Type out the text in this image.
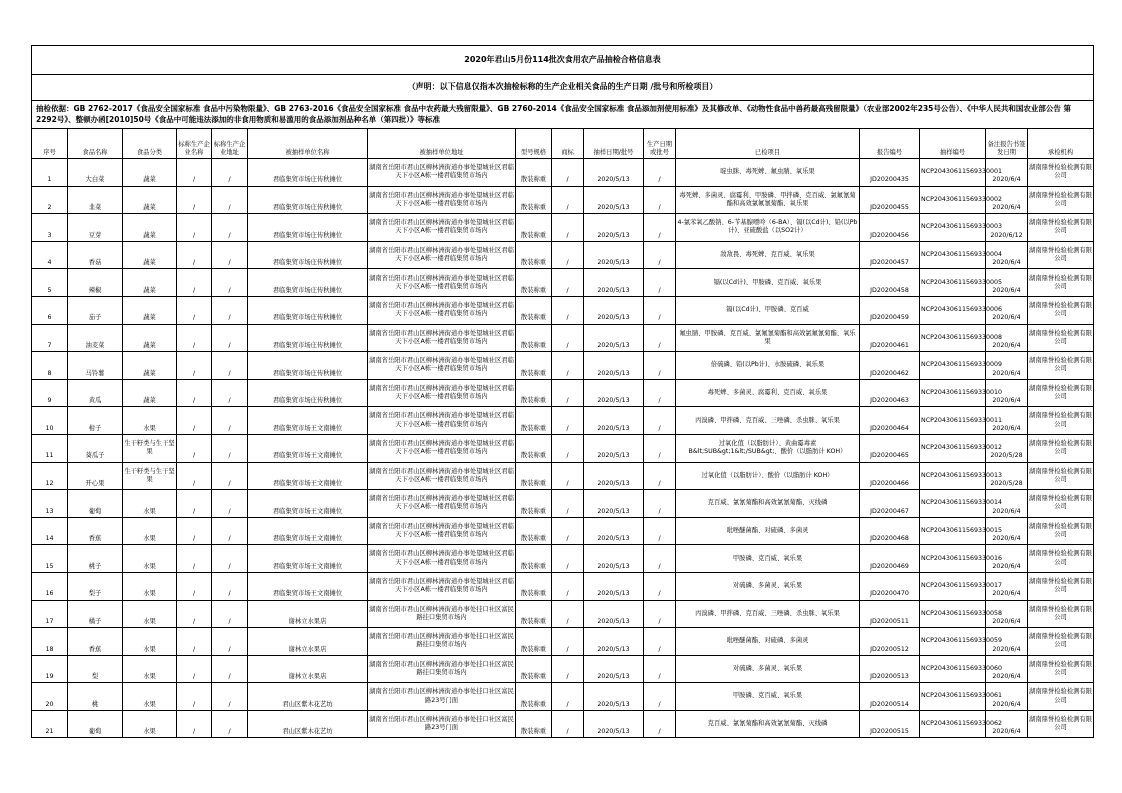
2020年君山5月份114批次食用农产品抽检合格信息表															
（声明：以下信息仅指本次抽检标称的生产企业相关食品的生产日期 /批号和所检项目）															
抽检依据：GB 2762-2017《食品安全国家标准 食品中污染物限量》、GB 2763-2016《食品安全国家标准 食品中农药最大残留限量》、GB 2760-2014《食品安全国家标准 食品添加剂使用标准》及其修改单、《动物性食品中兽药最高残留限量》（农业部2002年235号公告）、《中华人民共和国农业部公告 第2292号》、整顿办函[2010]50号《食品中可能违法添加的非食用物质和易滥用的食品添加剂品种名单（第四批）》等标准															
序号	食品名称	食品分类	标称生产企业名称	标称生产企业地址	被抽样单位名称	被抽样单位地址	型号规格	商标	抽样日期/批号	生产日期或批号	已检项目	报告编号	抽样编号	备注报告书签发日期	承检机构
1	大白菜	蔬菜	/	/	君临集贸市场庄传秋摊位	湖南省岳阳市君山区柳林洲街道办事处望城社区君临天下小区A栋一楼君临集贸市场内	散装称重	/	2020/5/13	/	啶虫脒、毒死蜱、氟虫腈、氧乐果	JD20200435	NCP20430611569330001	2020/6/4	湖南鼎誉检验检测有限公司
2	韭菜	蔬菜	/	/	君临集贸市场庄传秋摊位	湖南省岳阳市君山区柳林洲街道办事处望城社区君临天下小区A栋一楼君临集贸市场内	散装称重	/	2020/5/13	/	毒死蜱、多菌灵、腐霉利、甲胺磷、甲拌磷、克百威、氯氟氰菊酯和高效氯氟氰菊酯、氧乐果	JD20200455	NCP20430611569330002	2020/6/4	湖南鼎誉检验检测有限公司
3	豆芽	蔬菜	/	/	君临集贸市场庄传秋摊位	湖南省岳阳市君山区柳林洲街道办事处望城社区君临天下小区A栋一楼君临集贸市场内	散装称重	/	2020/5/13	/	4-氯苯氧乙酸钠、6-苄基腺嘌呤（6-BA）、镉(以Cd计)、铅(以Pb计)、亚硫酸盐（以SO2计）	JD20200456	NCP20430611569330003	2020/6/12	湖南鼎誉检验检测有限公司
4	香菇	蔬菜	/	/	君临集贸市场庄传秋摊位	湖南省岳阳市君山区柳林洲街道办事处望城社区君临天下小区A栋一楼君临集贸市场内	散装称重	/	2020/5/13	/	敌敌畏、毒死蜱、克百威、氧乐果	JD20200457	NCP20430611569330004	2020/6/4	湖南鼎誉检验检测有限公司
5	辣椒	蔬菜	/	/	君临集贸市场庄传秋摊位	湖南省岳阳市君山区柳林洲街道办事处望城社区君临天下小区A栋一楼君临集贸市场内	散装称重	/	2020/5/13	/	镉(以Cd计)、甲胺磷、克百威、氧乐果	JD20200458	NCP20430611569330005	2020/6/4	湖南鼎誉检验检测有限公司
6	茄子	蔬菜	/	/	君临集贸市场庄传秋摊位	湖南省岳阳市君山区柳林洲街道办事处望城社区君临天下小区A栋一楼君临集贸市场内	散装称重	/	2020/5/13	/	镉(以Cd计)、甲胺磷、克百威	JD20200459	NCP20430611569330006	2020/6/4	湖南鼎誉检验检测有限公司
7	油麦菜	蔬菜	/	/	君临集贸市场庄传秋摊位	湖南省岳阳市君山区柳林洲街道办事处望城社区君临天下小区A栋一楼君临集贸市场内	散装称重	/	2020/5/13	/	氟虫腈、甲胺磷、克百威、氯氟氰菊酯和高效氯氟氰菊酯、氧乐果	JD20200461	NCP20430611569330008	2020/6/4	湖南鼎誉检验检测有限公司
8	马铃薯	蔬菜	/	/	君临集贸市场庄传秋摊位	湖南省岳阳市君山区柳林洲街道办事处望城社区君临天下小区A栋一楼君临集贸市场内	散装称重	/	2020/5/13	/	倍硫磷、铅(以Pb计)、水胺硫磷、氧乐果	JD20200462	NCP20430611569330009	2020/6/4	湖南鼎誉检验检测有限公司
9	黄瓜	蔬菜	/	/	君临集贸市场庄传秋摊位	湖南省岳阳市君山区柳林洲街道办事处望城社区君临天下小区A栋一楼君临集贸市场内	散装称重	/	2020/5/13	/	毒死蜱、多菌灵、腐霉利、克百威、氧乐果	JD20200463	NCP20430611569330010	2020/6/4	湖南鼎誉检验检测有限公司
10	柑子	水果	/	/	君临集贸市场王文南摊位	湖南省岳阳市君山区柳林洲街道办事处望城社区君临天下小区A栋一楼君临集贸市场内	散装称重	/	2020/5/13	/	丙溴磷、甲拌磷、克百威、三唑磷、杀虫脒、氧乐果	JD20200464	NCP20430611569330011	2020/6/4	湖南鼎誉检验检测有限公司
11	葵瓜子	生干籽类与生干坚果	/	/	君临集贸市场王文南摊位	湖南省岳阳市君山区柳林洲街道办事处望城社区君临天下小区A栋一楼君临集贸市场内	散装称重	/	2020/5/13	/	过氧化值（以脂肪计）、黄曲霉毒素B&lt;SUB&gt;1&lt;/SUB&gt;、酸价（以脂肪计 KOH）	JD20200465	NCP20430611569330012	2020/5/28	湖南鼎誉检验检测有限公司
12	开心果	生干籽类与生干坚果	/	/	君临集贸市场王文南摊位	湖南省岳阳市君山区柳林洲街道办事处望城社区君临天下小区A栋一楼君临集贸市场内	散装称重	/	2020/5/13	/	过氧化值（以脂肪计）、酸价（以脂肪计 KOH）	JD20200466	NCP20430611569330013	2020/5/28	湖南鼎誉检验检测有限公司
13	葡萄	水果	/	/	君临集贸市场王文南摊位	湖南省岳阳市君山区柳林洲街道办事处望城社区君临天下小区A栋一楼君临集贸市场内	散装称重	/	2020/5/13	/	克百威、氯氰菊酯和高效氯氰菊酯、灭线磷	JD20200467	NCP20430611569330014	2020/6/4	湖南鼎誉检验检测有限公司
14	香蕉	水果	/	/	君临集贸市场王文南摊位	湖南省岳阳市君山区柳林洲街道办事处望城社区君临天下小区A栋一楼君临集贸市场内	散装称重	/	2020/5/13	/	吡唑醚菌酯、对硫磷、多菌灵	JD20200468	NCP20430611569330015	2020/6/4	湖南鼎誉检验检测有限公司
15	桃子	水果	/	/	君临集贸市场王文南摊位	湖南省岳阳市君山区柳林洲街道办事处望城社区君临天下小区A栋一楼君临集贸市场内	散装称重	/	2020/5/13	/	甲胺磷、克百威、氧乐果	JD20200469	NCP20430611569330016	2020/6/4	湖南鼎誉检验检测有限公司
16	梨子	水果	/	/	君临集贸市场王文南摊位	湖南省岳阳市君山区柳林洲街道办事处望城社区君临天下小区A栋一楼君临集贸市场内	散装称重	/	2020/5/13	/	对硫磷、多菌灵、氧乐果	JD20200470	NCP20430611569330017	2020/6/4	湖南鼎誉检验检测有限公司
17	橘子	水果	/	/	谢林立水果店	湖南省岳阳市君山区柳林洲街道办事处挂口社区富民路挂口集贸市场内	散装称重	/	2020/5/13	/	丙溴磷、甲拌磷、克百威、三唑磷、杀虫脒、氧乐果	JD20200511	NCP20430611569330058	2020/6/4	湖南鼎誉检验检测有限公司
18	香蕉	水果	/	/	谢林立水果店	湖南省岳阳市君山区柳林洲街道办事处挂口社区富民路挂口集贸市场内	散装称重	/	2020/5/13	/	吡唑醚菌酯、对硫磷、多菌灵	JD20200512	NCP20430611569330059	2020/6/4	湖南鼎誉检验检测有限公司
19	梨	水果	/	/	谢林立水果店	湖南省岳阳市君山区柳林洲街道办事处挂口社区富民路挂口集贸市场内	散装称重	/	2020/5/13	/	对硫磷、多菌灵、氧乐果	JD20200513	NCP20430611569330060	2020/6/4	湖南鼎誉检验检测有限公司
20	桃	水果	/	/	君山区紫木花艺坊	湖南省岳阳市君山区柳林洲街道办事处挂口社区富民路23号门面	散装称重	/	2020/5/13	/	甲胺磷、克百威、氧乐果	JD20200514	NCP20430611569330061	2020/6/4	湖南鼎誉检验检测有限公司
21	葡萄	水果	/	/	君山区紫木花艺坊	湖南省岳阳市君山区柳林洲街道办事处挂口社区富民路23号门面	散装称重	/	2020/5/13	/	克百威、氯氰菊酯和高效氯氰菊酯、灭线磷	JD20200515	NCP20430611569330062	2020/6/4	湖南鼎誉检验检测有限公司
